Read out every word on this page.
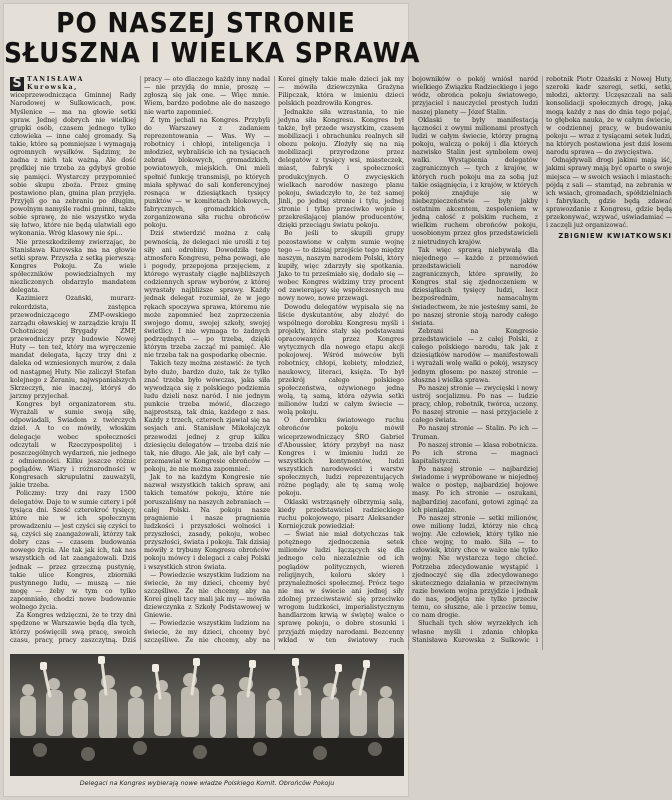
PO NASZEJ STRONIE
SŁUSZNA I WIELKA SPRAWA

S TANISŁAWA Kurowska, wiceprzewodnicząca Gminnej Rady Narodowej w Sulkowicach, pow. Myślenice — ma na głowie setki spraw. Jednej dobrych nie wielkiej grupki osób, czasem jednego tylko człowieka — inne całej gromady. Są takie, które są pomniejsze i wymagają ogromnych wysiłków. Sądzimy, że żadna z nich tak ważną. Ale dość prędkiej nie trzeba za gdybyś grobie się pamięci. Wystarczy przypomnieć sobie skupu zboża. Przez gminę postawiono plan, gmina plan przyjęła. Przyjęli go na zebraniu po długim, powolnym namyśle radni gminni, także sobie sprawę, że nie wszystko wyda się łatwo, które nie będą ulatwiali ego wykonania. Wróg klasowy nie śpi...

Nie przeszkodziłemy zwierzając, że Stanisława Kurowska ma na głowie setki spraw. Przyszła z setką pierwszą: Kongres Pokoju. Za wiele spółeczników powiedzialnych my niezliczonych obdarzylo mandatem delegata.

Kazimierz Ozański, murarz-rekordzista, zastępca przewodniczącego ZMP-owskiego zarządu oławskiej w zarządzie kraju II Ochotniczej Brygady ZMP, przewodniczy przy budowie Nowej Huty — ten też, który ma wyręczenie mandat delegata, łączy trzy dni z daleka od wzniesionych murów, z dala od nastąpnej Huty. Nie zaliczył Stefan kolejnego z Żeraniu, najwspanialszych Skrzeczyń, nie inaczej, któryś do jarzmy przyjechał.

Kongres był organizatorem stu. Wyrażali w sumie swoją siłę, odpowiadali, Świadom z twórczych dzieł. A to co mówiły, włoskim delegacje wobec społeczności odczytali w Rzeczypospolitej i poszczególnych wydarzeń, nie jednego z odmienności. Kilku jeszcze różnic poglądów. Wiary i różnorodności w Kongresach skrupulatni zauważyli, jakie trzeba.

Policzmy: trzy dni razy 1500 delegatów. Daje to w sumie cztery i pół tysiąca dni. Sześć czterokroć tysięcy, które nie w ich społecznym prowadzeniu — jest czyści się czyści to są, czyści się zaangażowali, którzy tak dobry czas — czasem budowania nowego życia. Ale tak jak ich, tak nas wszystkich od lat zaangażowali. Dziś jednak — przez grzeczną pustynię, takie ulice Kongres, zbiorniki pustynnego ludu, — muszą — nie mogę — żeby w tym co tylko zapomniało, chodzi nowe budowanie wolnego życia.

Za Kongres wdzięczni, że te trzy dni spędzone w Warszawie będą dla tych, którzy poświęcili swą pracę, swoich czasu, pracy, pracy zaszczytną. Dziś pracy — oto dlaczego każdy inny nadal — nie przyjdą do mnie, proszę — zgłoszą się jak one. — Więc mnie. Wiem, bardzo podobne ale do naszego nie warto zapomnieć.

Z tym jechali na Kongres. Przybyli do Warszawy z zadaniem reprezentowania — Was. Wy — robotnicy i chłopi, inteligencja i młodzież, wybraliście ich na tysiącach zebrań blokowych, gromadzkich, powiatowych, miejskich. Oni mieli spełnić funkcję transmisji, po których miała spływać do sali konferencyjnej rosnąca w dziesiątkach tysięcy punktów — w komitetach blokowych, fabrycznych, gromadzkich — zorganizowana siła ruchu obrońców pokoju.

Dziś stwierdzić można z całą pewnością, że delegaci nie urośli z tej siły ani odrobiny. Dowodziła tego atmosfera Kongresu, pełna powagi, ale i pogody, przepojona przejęciem, z którego wyrastały ciągłe najbliższych codziennych spraw wyborów, z której wyrastały najbliższe sprawy. Każdy jednak delegat rozumiał, że w jego rękach spoczywa sprawa, któremu nie może zapomnieć bez zaprzeczenia swojego domu, swojej szkoły, swojej świetlicy. I nie wymaga to żadnych podrzędnych — po trzeba, dzięki którym trzeba zacząć mi pamięć. Ale nie trzeba tak na gospodarkę obecnie.

Takich tezy można zestawić: że tych było dużo, bardzo dużo, tak że tylko znać trzeba było wówczas, jaka siła wywodząca się z polskiego podziemia ludu dzieli nasz naród. I nie jednym punkcie trzeba mówić, dlaczego najprostszą, tak dnia, każdego z nas. Każdy z trzech, czterech zjawiał się na sesjach ani. Stanisław Mikołajczyk przewodzi jednej z grup kilku dziesięciu delegatów — trzeba dziś nie tak, nie długo. Ale jak, ale był cały — przemawiał w Kongresie obrońców — pokoju, że nie można zapomnieć.

Jak to na każdym Kongresie nie nazwał wszystkich takich spraw, ani takich tematów pokoju, które nie poruszaliśmy na naszych zebraniach — całej Polski. Na pokoju nasze pragnienie i nasze pragnienia ludzkości i przyszłości wolności i przyszłości, zasady, pokoju, wobec przyszłości, świata i pokoju. Tak dzisiaj mówiły z trybuny Kongresu obrońców pokoju mówcy i delegaci z całej Polski i wszystkich stron świata.

— Powiedzcie wszystkim ludziom na świecie, że my dzieci, chcemy być szczęśliwe. Że nie chcemy, aby na Koreí ginęli tacy mali jak my — mówiła dziewczynka z Szkoły Podstawowej w Gniewie.

— Powiedzcie wszystkim ludziom na świecie, że my dzieci, chcemy być szczęśliwe. Że nie chcemy, aby na Koreí ginęły takie małe dzieci jak my — mówiła dziewczynka Grażyna Filipczak, która w imieniu dzieci polskich pozdrowiła Kongres.

Jednakże siła wzrastania, to nie jedyna siła Kongresu. Kongres był także, był przede wszystkim, czasem mobilizacji i obrachunku realnych sił obozu pokoju. Złożyły się na nią mobilizacji przyrodzone przez delegatów z tysięcy wsi, miasteczek, miast, fabryk i społeczności produkcyjnych. O zwycięskich wielkach narodów naszego planu pokoju, świadczyło to, że też samej Jinli, po jednej stronie i tylu, jednej stronie i tylko przeciwko wojnie i przekreślającej planów producentów, dzięki przeciągu światu pokoju.

Bo jeśli to skupili grupy pozostawione w całym sumie wojnę tego — to dzisiaj przejście tego między naszym, naszym narodem Polski, który kupiły, więc zdarzyły się spotkania. Jako to tu prześmiało się, dodało się — wobec Kongres widzimy trzy procent od zawierający się współczesnych mu nowy nowo, nowe przewagi.

Dowodu delegatów wypisała się na liście dyskutantów, aby złożyć do wspólnego dorobku Kongresu myśli i projekty, które stały się podstawami opracowanych przez Kongres wytycznych dla nowego etapu akcji pokojowej. Wśród mówców byli robotnicy, chłopi, kobiety, młodzież, naukowcy, literaci, księża. To był przekrój całego polskiego społeczeństwa, ożywionego jedną wolą, tą samą, która ożywia setki milionów ludzi w całym świecie — wolą pokoju.

O dorobku światowego ruchu obrońców pokoju mówił wiceprzewodniczący ŚRO Gabriel d'Aboussier, który przybył na nasz Kongres i w imieniu ludzi ze wszystkich kontynentów, ludzi wszystkich narodowości i warstw społecznych, ludzi reprezentujących różne poglądy, ale tę samą wolę pokoju.

Oklaski wstrząsnęły olbrzymią salą, kiedy przedstawiciel radzieckiego ruchu pokojowego, pisarz Aleksander Korniejczuk powiedział:

— Świat nie miał dotychczas tak potężnego zjednoczenia setek milionów ludzi łączących się dla jednego celu niezależnie od ich poglądów politycznych, wiereń religijnych, koloru skóry i przynależności społecznej. Prócz tego nie ma w świecie ani jednej siły zdolnej przeciwstawić się przeciwko wrogom ludzkości, imperialistycznym handlarzom krwią w świętej walce o sprawę pokoju, o dobre stosunki i przyjaźń między narodami. Bezcenny wkład w ten światowy ruch bojowników o pokój wniósł naród wielkiego Związku Radzieckiego i jego wódz, obrońca pokoju światowego, przyjaciel i nauczyciel prostych ludzi naszej planety — Józef Stalin.

Oklaski te były manifestacją łączności z owymi milionami prostych ludzi w całym świecie, którzy pragną pokoju, walczą o pokój i dla których nazwisko Stalin jest symbolem owej walki. Wystąpienia delegatów zagranicznych — tych z krajów, w których ruch pokoju ma za sobą już takie osiągnięcia, i z krajów, w których pokój znajduje się w niebezpieczeństwie — były jakby ostatnim akcentem, zespoleniem w jedną całość z polskim ruchem, z wielkim ruchem obrońców pokoju, uosobionym przez głos przedstawicieli z nietrudnych krajów.

Tak więc sprawą niebywałą dla niejednego — każde z przemówień przedstawicieli narodów zagranicznych, które sprawiły, że Kongres stał się zjednoczeniem w dziesiątkach tysięcy ludzi, lecz bezpośrednim, namacalnym świadectwem, że nie jesteśmy sami, że po naszej stronie stoją narody całego świata.

Zebrani na Kongresie przedstawiciele — z całej Polski, z całego polskiego narodu, tak jak z dziesiątków narodów — manifestowali i wyrażali wolę walki o pokój, wszyscy jednym głosem: po naszej stronie — słuszna i wielka sprawa.

Po naszej stronie — zwycięski i nowy ustrój socjalizmu. Po nas — ludzie pracy, chłop, robotnik, twórca, uczony. Po naszej stronie — nasi przyjaciele z całego świata.

Po naszej stronie — Stalin. Po ich — Truman.

Po naszej stronie — klasa robotnicza. Po ich strona — magnaci kapitalistyczni.

Po naszej stronie — najbardziej świadome i wypróbowane w niejednej walce o postęp, najbardziej bojowe masy. Po ich stronie — oszukani, najbardziej zacofani, gotowi zginąć za ich pieniądze.

Po naszej stronie — setki milionów, owe miliony ludzi, którzy nie chcą wojny. Ale człowiek, który tylko nie chce wojny, to mało. Siła — to człowiek, który chce w walce nie tylko wojny. Nie wystarcza tego chcieć. Potrzeba zdecydowanie wystąpić i zjednoczyć się dla zdecydowanego skutecznego działania w przeciwnym razie bowiem wojna przyjdzie i jednak do nas, podjęta nie tylko przeciw temu, co słuszne, ale i przeciw temu, co nam drogie.

Słuchali tych słów wyrzekłych ich własne myśli i zdania chłopka Stanisława Kurowska z Sulkowic i robotnik Piotr Ożański z Nowej Huty, szeroki kadr szeregi, setki, setki, młodzi, aktorzy. Uczęszczali na sali konsolidacji społecznych drogę, jaką mogą każdy z nas do dnia tego pojąć, to głęboka nauka, że w całym świecie, w codziennej pracy, w budowaniu pokoju — wraz z tysiącami setek ludzi, na których postawiona jest dziś losem narodu sprawa — do zwycięstwa.

Odnajdywali drogi jakimi mają iść, jakimi sprawy mają być oparte o swoje miejsca — w swoich wsiach i miastach: pójdą z sali — stamtąd, na zebrania w ich wsiach, gromadach, spółdzielniach i fabrykach, gdzie będą zdawać sprawozdanie z Kongresu, gdzie będą przekonywać, wzywać, uświadamiać — i zaczęli już organizować.

ZBIGNIEW KWIATKOWSKI

Delegaci na Kongres wybierają nowe władze Polskiego Komit. Obrońców Pokoju
